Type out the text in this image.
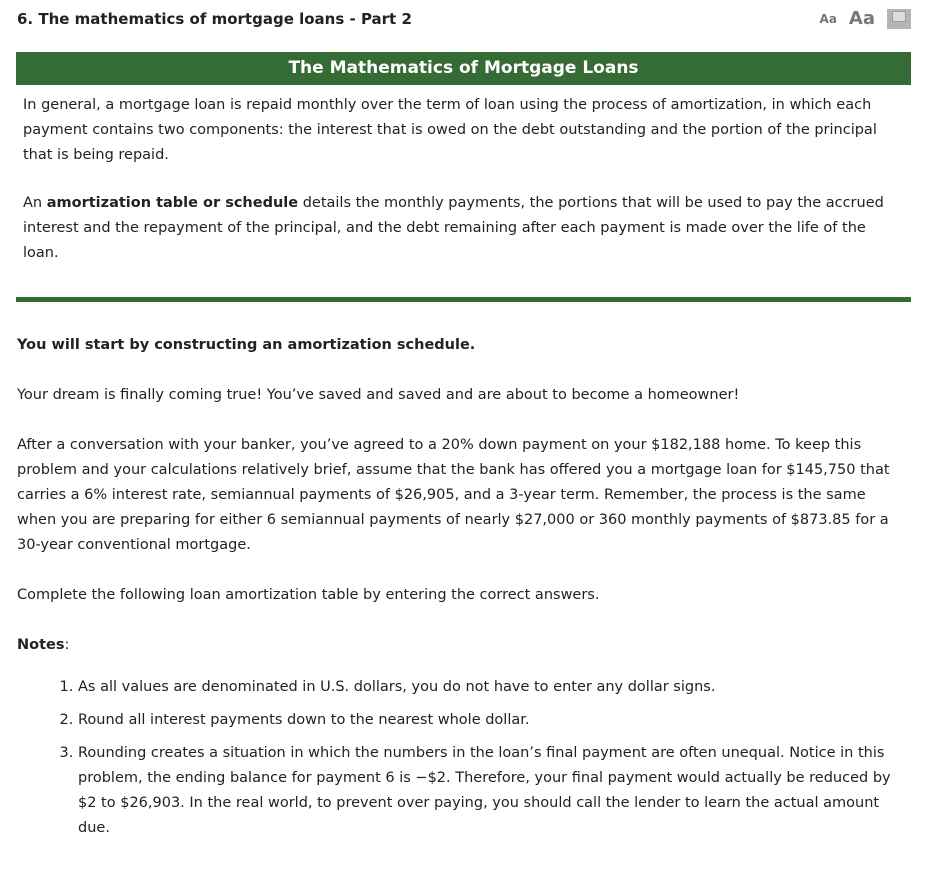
6. The mathematics of mortgage loans - Part 2	Aa Aa
The Mathematics of Mortgage Loans

In general, a mortgage loan is repaid monthly over the term of loan using the process of amortization, in which each payment contains two components: the interest that is owed on the debt outstanding and the portion of the principal that is being repaid.

An amortization table or schedule details the monthly payments, the portions that will be used to pay the accrued interest and the repayment of the principal, and the debt remaining after each payment is made over the life of the loan.

You will start by constructing an amortization schedule.

Your dream is finally coming true! You’ve saved and saved and are about to become a homeowner!

After a conversation with your banker, you’ve agreed to a 20% down payment on your $182,188 home. To keep this problem and your calculations relatively brief, assume that the bank has offered you a mortgage loan for $145,750 that carries a 6% interest rate, semiannual payments of $26,905, and a 3-year term. Remember, the process is the same when you are preparing for either 6 semiannual payments of nearly $27,000 or 360 monthly payments of $873.85 for a 30-year conventional mortgage.

Complete the following loan amortization table by entering the correct answers.

Notes:

1. As all values are denominated in U.S. dollars, you do not have to enter any dollar signs.
2. Round all interest payments down to the nearest whole dollar.
3. Rounding creates a situation in which the numbers in the loan’s final payment are often unequal. Notice in this problem, the ending balance for payment 6 is −$2. Therefore, your final payment would actually be reduced by $2 to $26,903. In the real world, to prevent over paying, you should call the lender to learn the actual amount due.
